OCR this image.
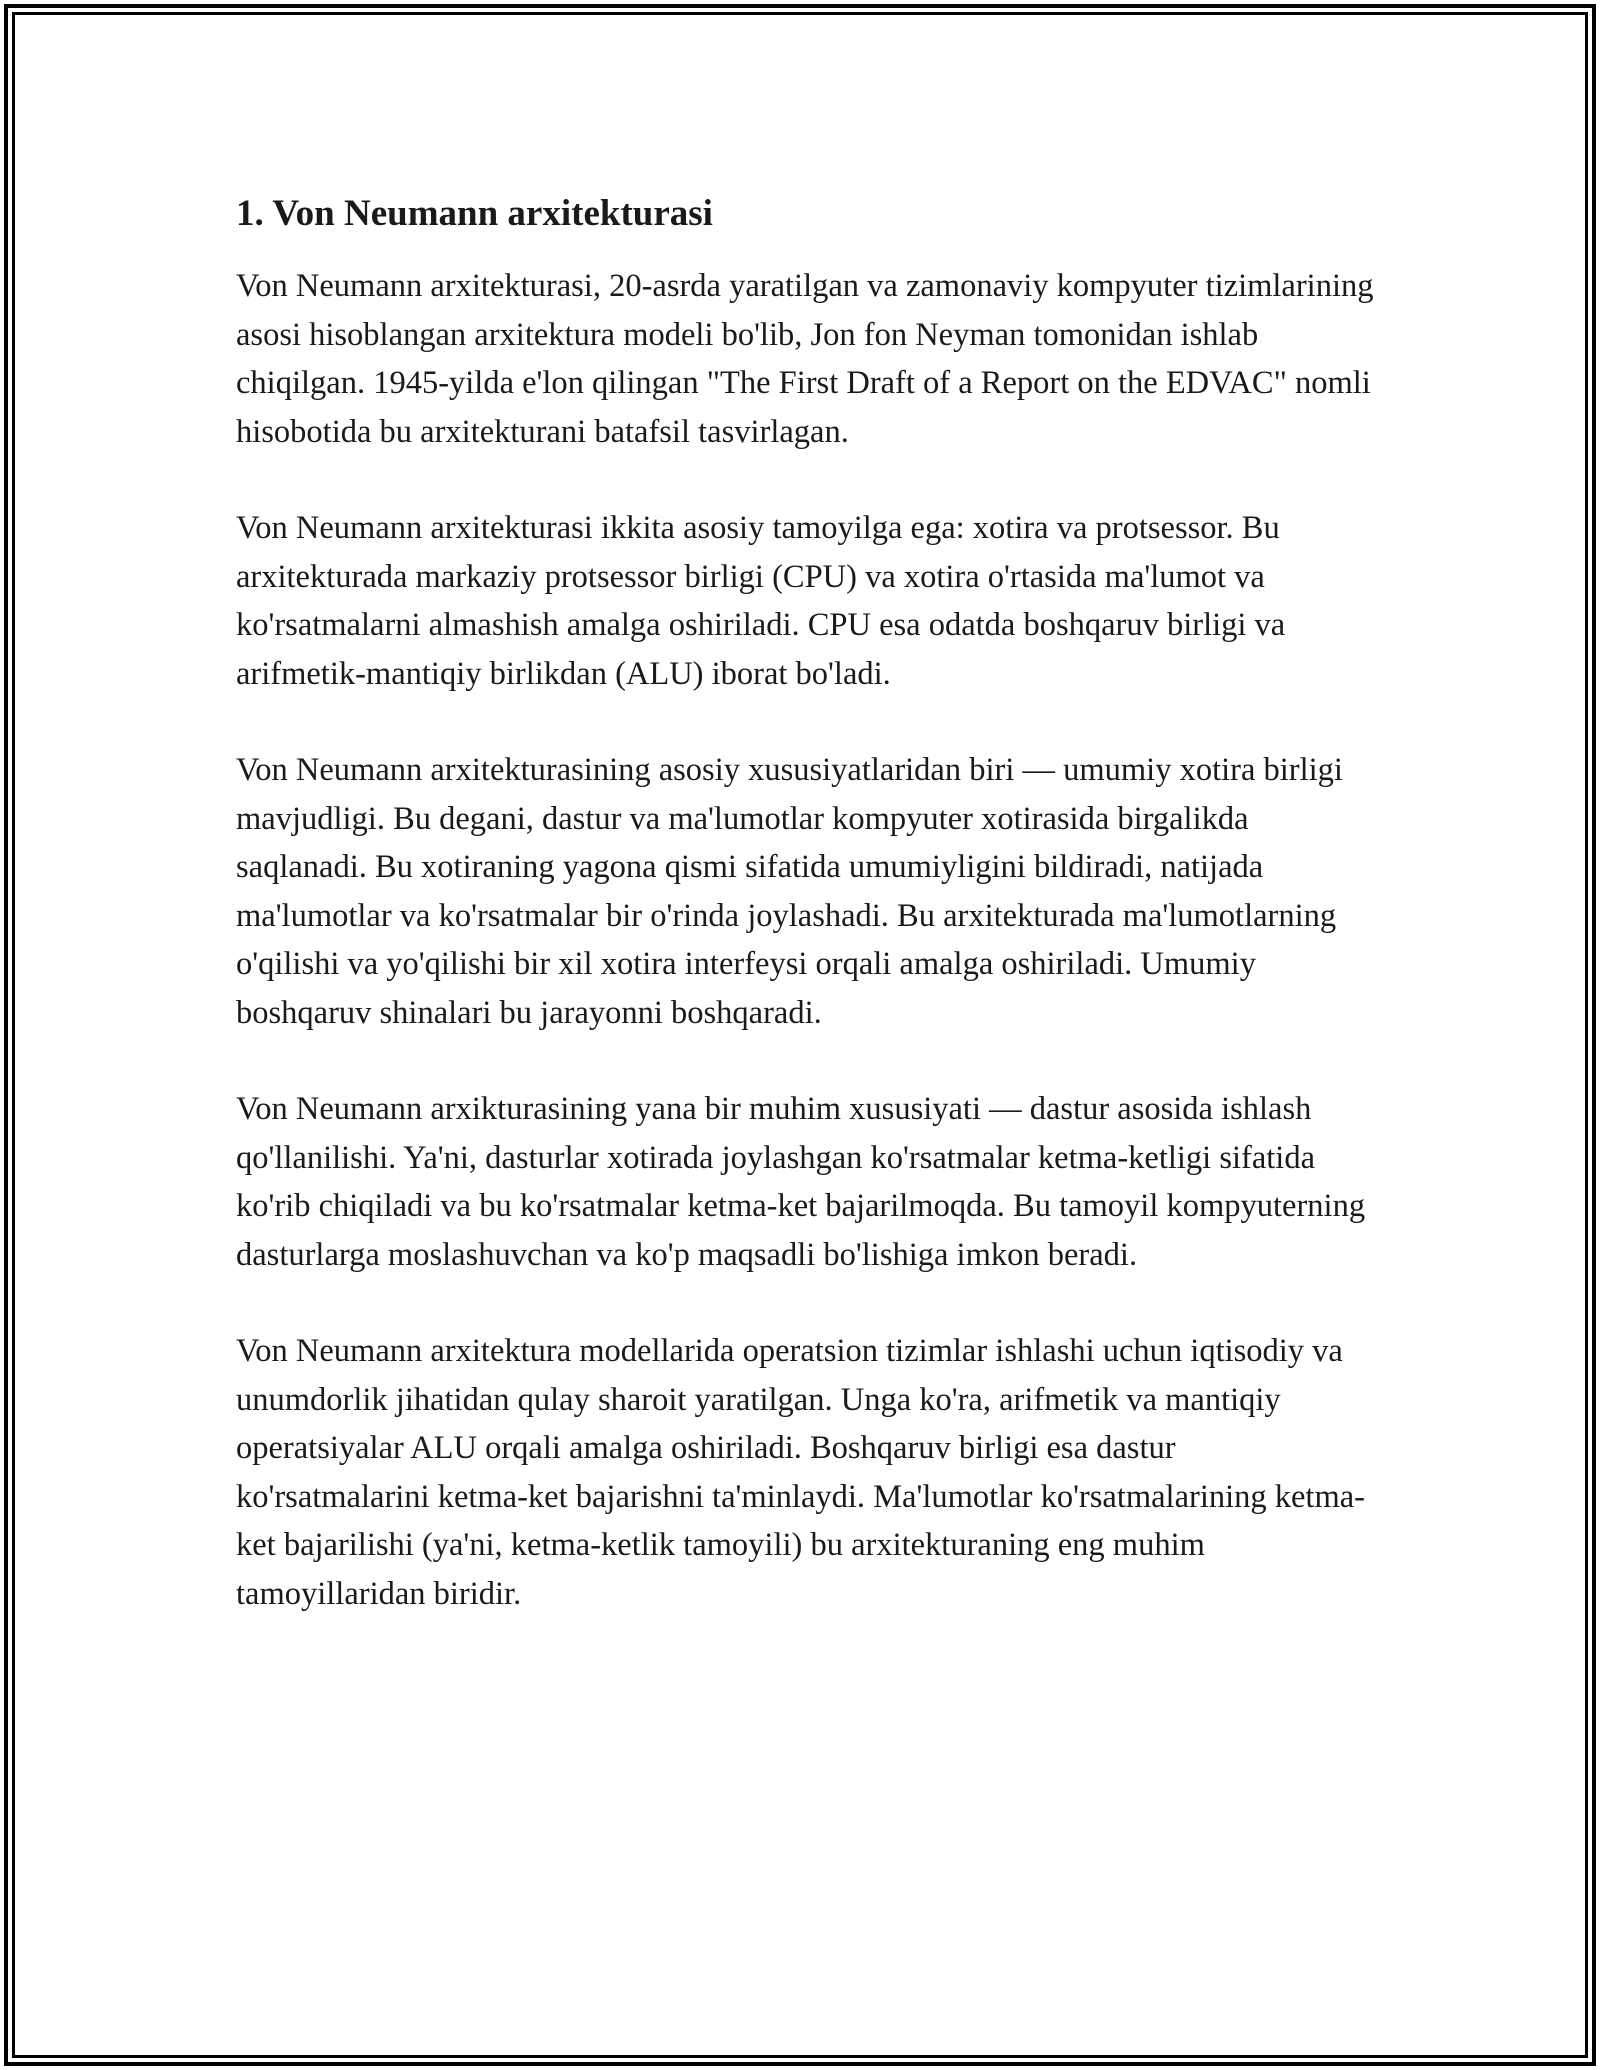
1. Von Neumann arxitekturasi

Von Neumann arxitekturasi, 20-asrda yaratilgan va zamonaviy kompyuter tizimlarining asosi hisoblangan arxitektura modeli bo'lib, Jon fon Neyman tomonidan ishlab chiqilgan. 1945-yilda e'lon qilingan "The First Draft of a Report on the EDVAC" nomli hisobotida bu arxitekturani batafsil tasvirlagan.

Von Neumann arxitekturasi ikkita asosiy tamoyilga ega: xotira va protsessor. Bu arxitekturada markaziy protsessor birligi (CPU) va xotira o'rtasida ma'lumot va ko'rsatmalarni almashish amalga oshiriladi. CPU esa odatda boshqaruv birligi va arifmetik-mantiqiy birlikdan (ALU) iborat bo'ladi.

Von Neumann arxitekturasining asosiy xususiyatlaridan biri — umumiy xotira birligi mavjudligi. Bu degani, dastur va ma'lumotlar kompyuter xotirasida birgalikda saqlanadi. Bu xotiraning yagona qismi sifatida umumiyligini bildiradi, natijada ma'lumotlar va ko'rsatmalar bir o'rinda joylashadi. Bu arxitekturada ma'lumotlarning o'qilishi va yo'qilishi bir xil xotira interfeysi orqali amalga oshiriladi. Umumiy boshqaruv shinalari bu jarayonni boshqaradi.

Von Neumann arxikturasining yana bir muhim xususiyati — dastur asosida ishlash qo'llanilishi. Ya'ni, dasturlar xotirada joylashgan ko'rsatmalar ketma-ketligi sifatida ko'rib chiqiladi va bu ko'rsatmalar ketma-ket bajarilmoqda. Bu tamoyil kompyuterning dasturlarga moslashuvchan va ko'p maqsadli bo'lishiga imkon beradi.

Von Neumann arxitektura modellarida operatsion tizimlar ishlashi uchun iqtisodiy va unumdorlik jihatidan qulay sharoit yaratilgan. Unga ko'ra, arifmetik va mantiqiy operatsiyalar ALU orqali amalga oshiriladi. Boshqaruv birligi esa dastur ko'rsatmalarini ketma-ket bajarishni ta'minlaydi. Ma'lumotlar ko'rsatmalarining ketma-ket bajarilishi (ya'ni, ketma-ketlik tamoyili) bu arxitekturaning eng muhim tamoyillaridan biridir.
